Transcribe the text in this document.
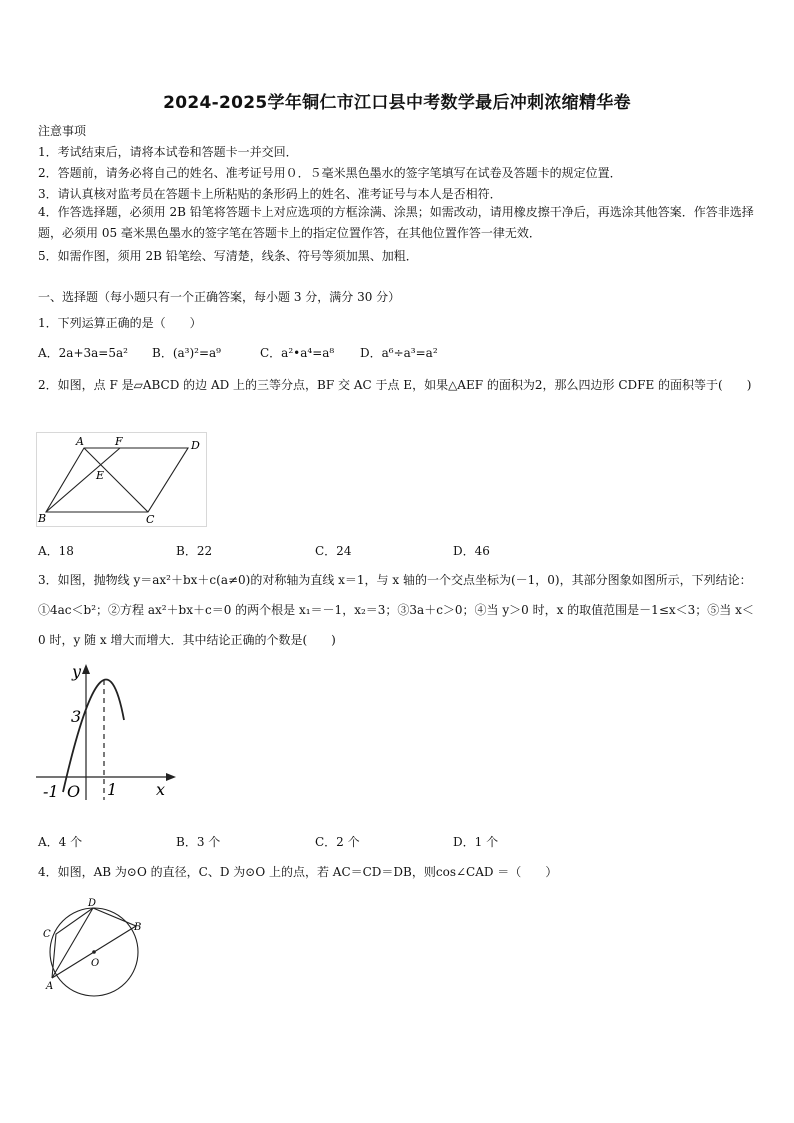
2024-2025学年铜仁市江口县中考数学最后冲刺浓缩精华卷
注意事项
1．考试结束后，请将本试卷和答题卡一并交回．
2．答题前，请务必将自己的姓名、准考证号用０．５毫米黑色墨水的签字笔填写在试卷及答题卡的规定位置．
3．请认真核对监考员在答题卡上所粘贴的条形码上的姓名、准考证号与本人是否相符．
4．作答选择题，必须用 2B 铅笔将答题卡上对应选项的方框涂满、涂黑；如需改动，请用橡皮擦干净后，再选涂其他答案．作答非选择题，必须用 05 毫米黑色墨水的签字笔在答题卡上的指定位置作答，在其他位置作答一律无效．
5．如需作图，须用 2B 铅笔绘、写清楚，线条、符号等须加黑、加粗．
一、选择题（每小题只有一个正确答案，每小题 3 分，满分 30 分）
1．下列运算正确的是（　　）
A．2a+3a=5a² B．(a³)²=a⁹	C．a²•a⁴=a⁸ D．a⁶÷a³=a²
2．如图，点 F 是▱ABCD 的边 AD 上的三等分点，BF 交 AC 于点 E，如果△AEF 的面积为2，那么四边形 CDFE 的面积等于(　　)
A	F	D
E
B	C
A．18	B．22	C．24	D．46
3．如图，抛物线 y＝ax²＋bx＋c(a≠0)的对称轴为直线 x＝1，与 x 轴的一个交点坐标为(－1，0)，其部分图象如图所示，下列结论：①4ac＜b²；②方程 ax²＋bx＋c＝0 的两个根是 x₁＝－1，x₂＝3；③3a＋c＞0；④当 y＞0 时，x 的取值范围是－1≤x＜3；⑤当 x＜0 时，y 随 x 增大而增大．其中结论正确的个数是(　　)
y
3
-1 O 1 x
A．4 个	B．3 个	C．2 个	D．1 个
4．如图，AB 为⊙O 的直径，C、D 为⊙O 上的点，若 AC＝CD＝DB，则cos∠CAD ＝（　　）
D
C
B
O
A
